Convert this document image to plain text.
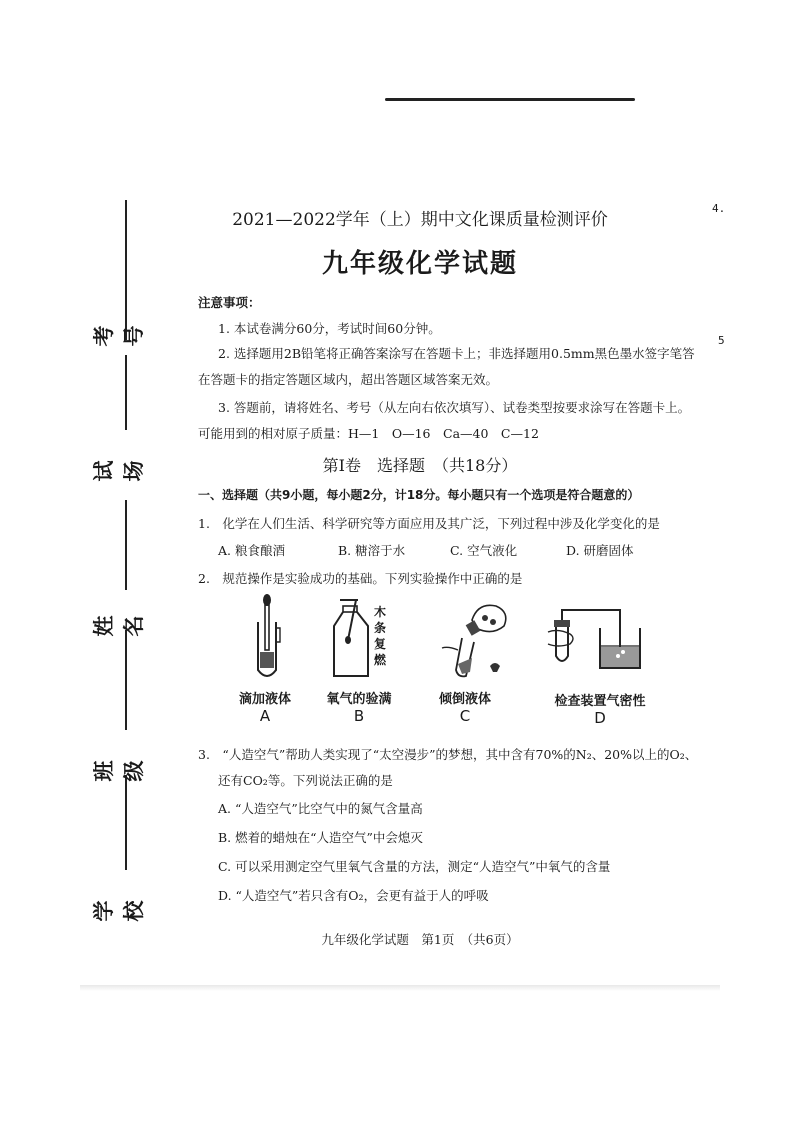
考号
试场
姓名
班级
学校
4.
5
2021—2022学年（上）期中文化课质量检测评价
九年级化学试题
注意事项：
1. 本试卷满分60分，考试时间60分钟。
2. 选择题用2B铅笔将正确答案涂写在答题卡上；非选择题用0.5mm黑色墨水签字笔答
在答题卡的指定答题区域内，超出答题区域答案无效。
3. 答题前，请将姓名、考号（从左向右依次填写）、试卷类型按要求涂写在答题卡上。
可能用到的相对原子质量：H—1　O—16　Ca—40　C—12
第Ⅰ卷　选择题　（共18分）
一、选择题（共9小题，每小题2分，计18分。每小题只有一个选项是符合题意的）
1.　化学在人们生活、科学研究等方面应用及其广泛，下列过程中涉及化学变化的是
A. 粮食酿酒	B. 糖溶于水	C. 空气液化	D. 研磨固体
2.　规范操作是实验成功的基础。下列实验操作中正确的是
滴加液体
A
木
条
复
燃
氧气的验满
B
倾倒液体
C
检查装置气密性
D
3.　“人造空气”帮助人类实现了“太空漫步”的梦想，其中含有70%的N₂、20%以上的O₂、
还有CO₂等。下列说法正确的是
A. “人造空气”比空气中的氮气含量高
B. 燃着的蜡烛在“人造空气”中会熄灭
C. 可以采用测定空气里氧气含量的方法，测定“人造空气”中氧气的含量
D. “人造空气”若只含有O₂，会更有益于人的呼吸
九年级化学试题　第1页　（共6页）
